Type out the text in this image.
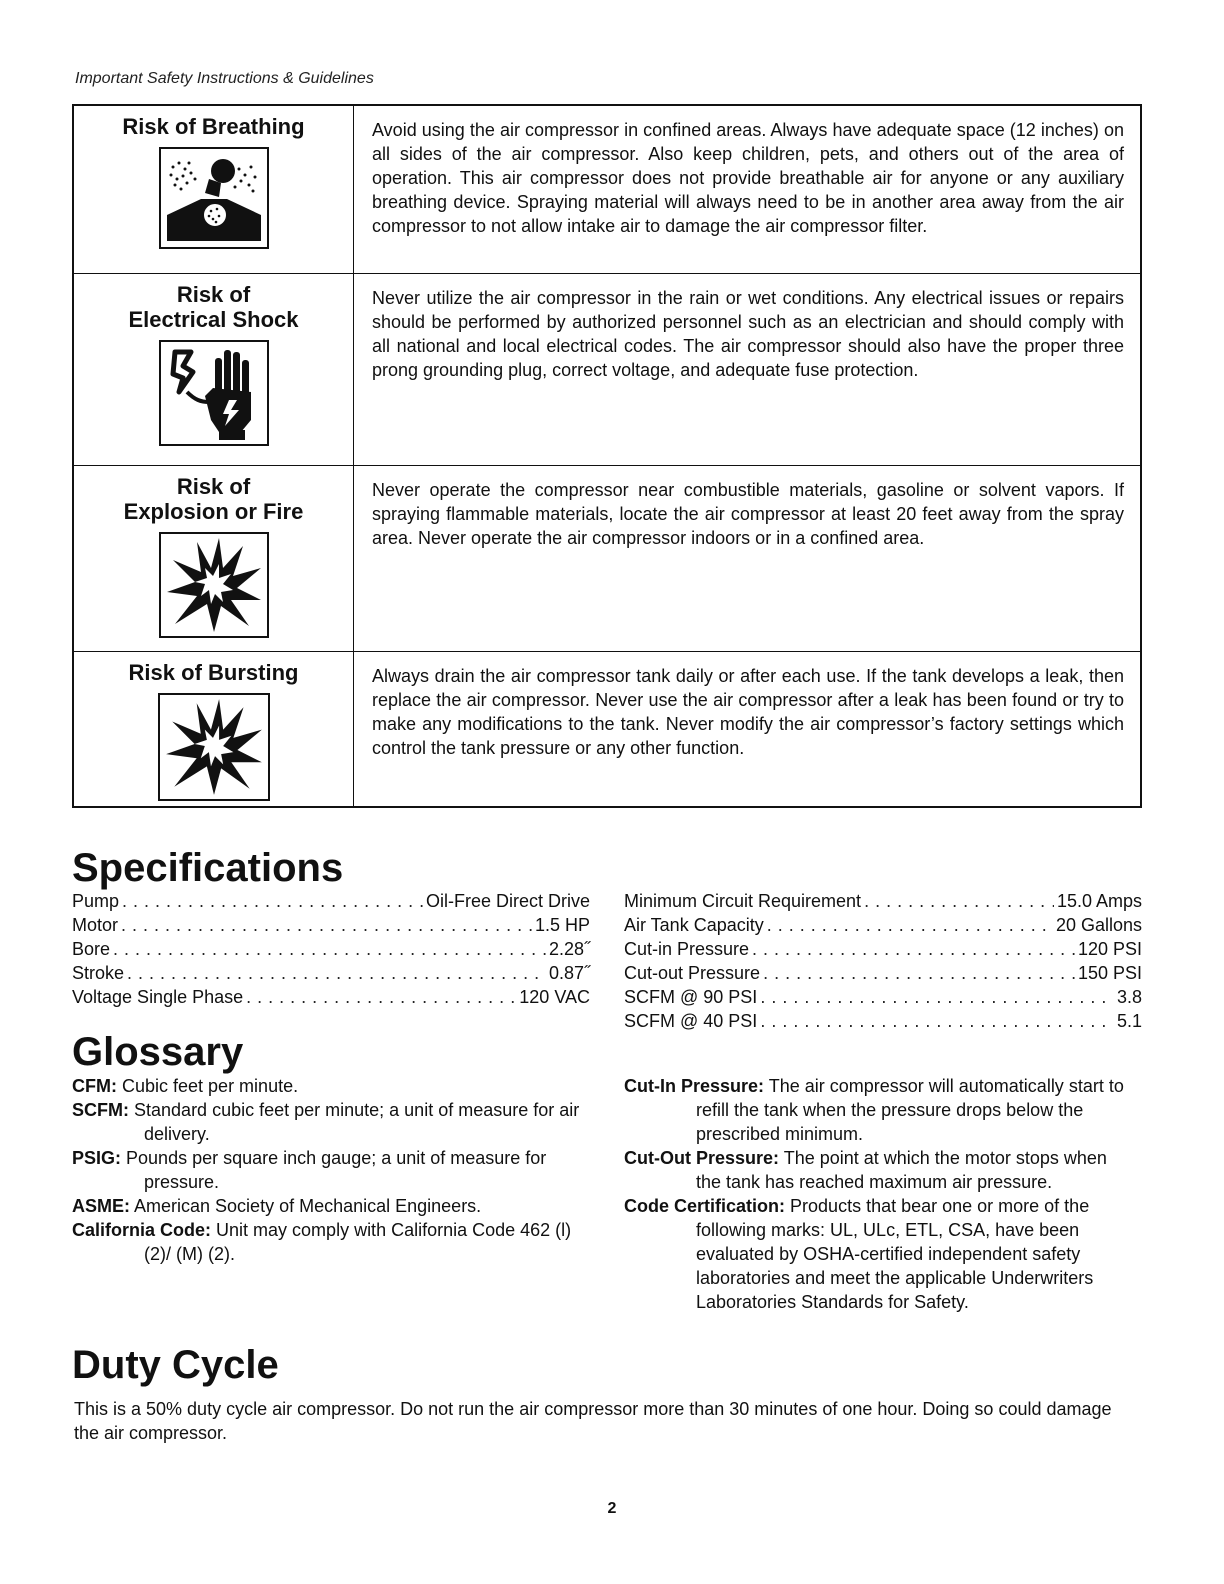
Important Safety Instructions & Guidelines
Risk of Breathing	Avoid using the air compressor in confined areas. Always have adequate space (12 inches) on all sides of the air compressor. Also keep children, pets, and others out of the area of operation. This air compressor does not provide breathable air for anyone or any auxiliary breathing device. Spraying material will always need to be in another area away from the air compressor to not allow intake air to damage the air compressor filter.

Risk of
Electrical Shock	Never utilize the air compressor in the rain or wet conditions. Any electrical issues or repairs should be performed by authorized personnel such as an electrician and should comply with all national and local electrical codes. The air compressor should also have the proper three prong grounding plug, correct voltage, and adequate fuse protection.

Risk of
Explosion or Fire	Never operate the compressor near combustible materials, gasoline or solvent vapors. If spraying flammable materials, locate the air compressor at least 20 feet away from the spray area. Never operate the air compressor indoors or in a confined area.

Risk of Bursting	Always drain the air compressor tank daily or after each use. If the tank develops a leak, then replace the air compressor. Never use the air compressor after a leak has been found or try to make any modifications to the tank. Never modify the air compressor’s factory settings which control the tank pressure or any other function.
Specifications
Pump . . .	Oil-Free Direct Drive
Motor . . .	1.5 HP
Bore . . .	2.28˝
Stroke . . .	0.87˝
Voltage Single Phase . . .	120 VAC
Minimum Circuit Requirement . . .	15.0 Amps
Air Tank Capacity . . .	20 Gallons
Cut-in Pressure . . .	120 PSI
Cut-out Pressure . . .	150 PSI
SCFM @ 90 PSI . . .	3.8
SCFM @ 40 PSI . . .	5.1
Glossary
CFM: Cubic feet per minute.
SCFM: Standard cubic feet per minute; a unit of measure for air delivery.
PSIG: Pounds per square inch gauge; a unit of measure for pressure.
ASME: American Society of Mechanical Engineers.
California Code: Unit may comply with California Code 462 (l) (2)/ (M) (2).
Cut-In Pressure: The air compressor will automatically start to refill the tank when the pressure drops below the prescribed minimum.
Cut-Out Pressure: The point at which the motor stops when the tank has reached maximum air pressure.
Code Certification: Products that bear one or more of the following marks: UL, ULc, ETL, CSA, have been evaluated by OSHA-certified independent safety laboratories and meet the applicable Underwriters Laboratories Standards for Safety.
Duty Cycle
This is a 50% duty cycle air compressor. Do not run the air compressor more than 30 minutes of one hour. Doing so could damage the air compressor.
2
